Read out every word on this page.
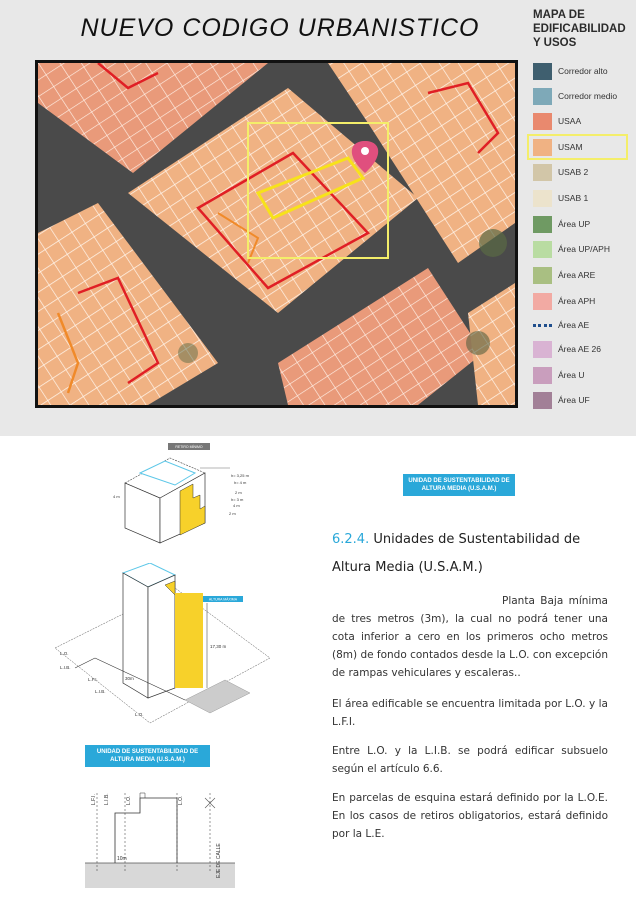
NUEVO CODIGO URBANISTICO	MAPA DE EDIFICABILIDAD Y USOS
Corredor alto
Corredor medio
USAA
USAM
USAB 2
USAB 1
Área UP
Área UP/APH
Área ARE
Área APH
Área AE
Área AE 26
Área U
Área UF
RETIRO MÍNIMO
h= 3,25 m
h= 4 m
2 m
h= 3 m
4 m
2 m
4 m
ALTURA MÁXIMA
17,30 m
L.O.
L.I.B.
L.F.I.
L.O.
30m
L.I.B.
L.F.I. L.I.B.	L.O.	L.O.
10m	EJE DE CALLE
UNIDAD DE SUSTENTABILIDAD DE ALTURA MEDIA (U.S.A.M.)
UNIDAD DE SUSTENTABILIDAD DE ALTURA MEDIA (U.S.A.M.)
6.2.4. Unidades de Sustentabilidad de Altura Media (U.S.A.M.)
Planta Baja mínima de tres metros (3m), la cual no podrá tener una cota inferior a cero en los primeros ocho metros (8m) de fondo contados desde la L.O. con excepción de rampas vehiculares y escaleras..
El área edificable se encuentra limitada por L.O. y la L.F.I.
Entre L.O. y la L.I.B. se podrá edificar subsuelo según el artículo 6.6.
En parcelas de esquina estará definido por la L.O.E. En los casos de retiros obligatorios, estará definido por la L.E.
